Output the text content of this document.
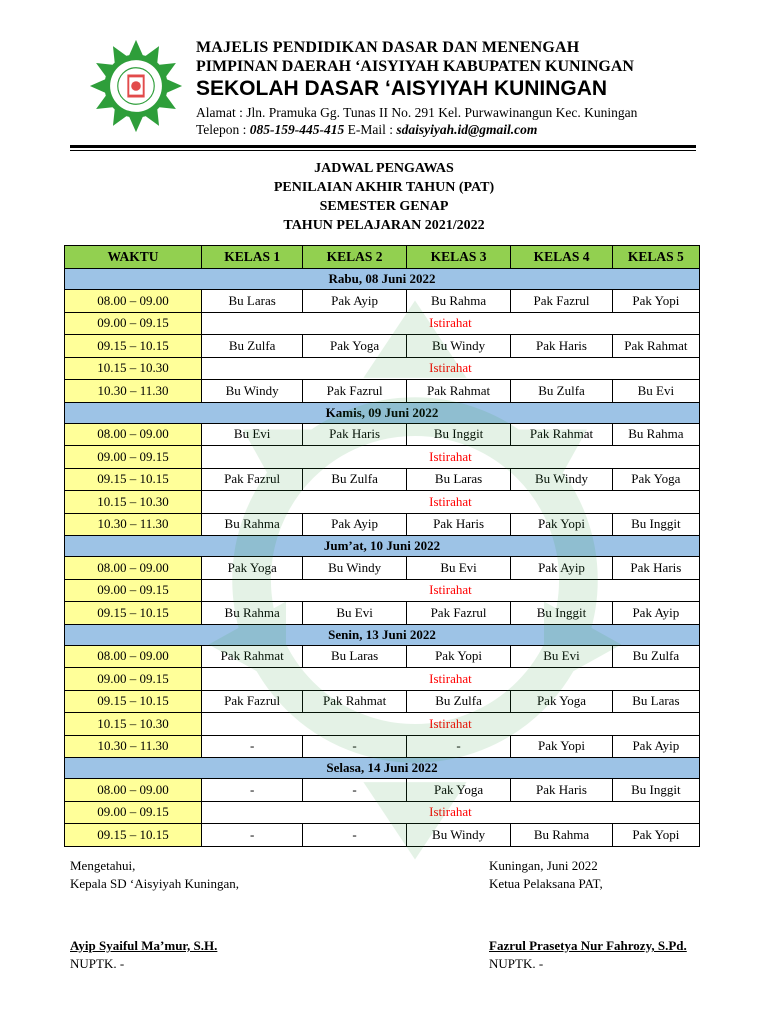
MAJELIS PENDIDIKAN DASAR DAN MENENGAH
PIMPINAN DAERAH ‘AISYIYAH KABUPATEN KUNINGAN
SEKOLAH DASAR ‘AISYIYAH KUNINGAN
Alamat : Jln. Pramuka Gg. Tunas II No. 291 Kel. Purwawinangun Kec. Kuningan
Telepon : 085-159-445-415 E-Mail : sdaisyiyah.id@gmail.com
JADWAL PENGAWAS
PENILAIAN AKHIR TAHUN (PAT)
SEMESTER GENAP
TAHUN PELAJARAN 2021/2022
WAKTU	KELAS 1	KELAS 2	KELAS 3	KELAS 4	KELAS 5
Rabu, 08 Juni 2022					
08.00 – 09.00	Bu Laras	Pak Ayip	Bu Rahma	Pak Fazrul	Pak Yopi
09.00 – 09.15	Istirahat				
09.15 – 10.15	Bu Zulfa	Pak Yoga	Bu Windy	Pak Haris	Pak Rahmat
10.15 – 10.30	Istirahat				
10.30 – 11.30	Bu Windy	Pak Fazrul	Pak Rahmat	Bu Zulfa	Bu Evi
Kamis, 09 Juni 2022					
08.00 – 09.00	Bu Evi	Pak Haris	Bu Inggit	Pak Rahmat	Bu Rahma
09.00 – 09.15	Istirahat				
09.15 – 10.15	Pak Fazrul	Bu Zulfa	Bu Laras	Bu Windy	Pak Yoga
10.15 – 10.30	Istirahat				
10.30 – 11.30	Bu Rahma	Pak Ayip	Pak Haris	Pak Yopi	Bu Inggit
Jum’at, 10 Juni 2022					
08.00 – 09.00	Pak Yoga	Bu Windy	Bu Evi	Pak Ayip	Pak Haris
09.00 – 09.15	Istirahat				
09.15 – 10.15	Bu Rahma	Bu Evi	Pak Fazrul	Bu Inggit	Pak Ayip
Senin, 13 Juni 2022					
08.00 – 09.00	Pak Rahmat	Bu Laras	Pak Yopi	Bu Evi	Bu Zulfa
09.00 – 09.15	Istirahat				
09.15 – 10.15	Pak Fazrul	Pak Rahmat	Bu Zulfa	Pak Yoga	Bu Laras
10.15 – 10.30	Istirahat				
10.30 – 11.30	-	-	-	Pak Yopi	Pak Ayip
Selasa, 14 Juni 2022					
08.00 – 09.00	-	-	Pak Yoga	Pak Haris	Bu Inggit
09.00 – 09.15	Istirahat				
09.15 – 10.15	-	-	Bu Windy	Bu Rahma	Pak Yopi
Mengetahui,
Kepala SD ‘Aisyiyah Kuningan,
Ayip Syaiful Ma’mur, S.H.
NUPTK. -
Kuningan, Juni 2022
Ketua Pelaksana PAT,
Fazrul Prasetya Nur Fahrozy, S.Pd.
NUPTK. -
